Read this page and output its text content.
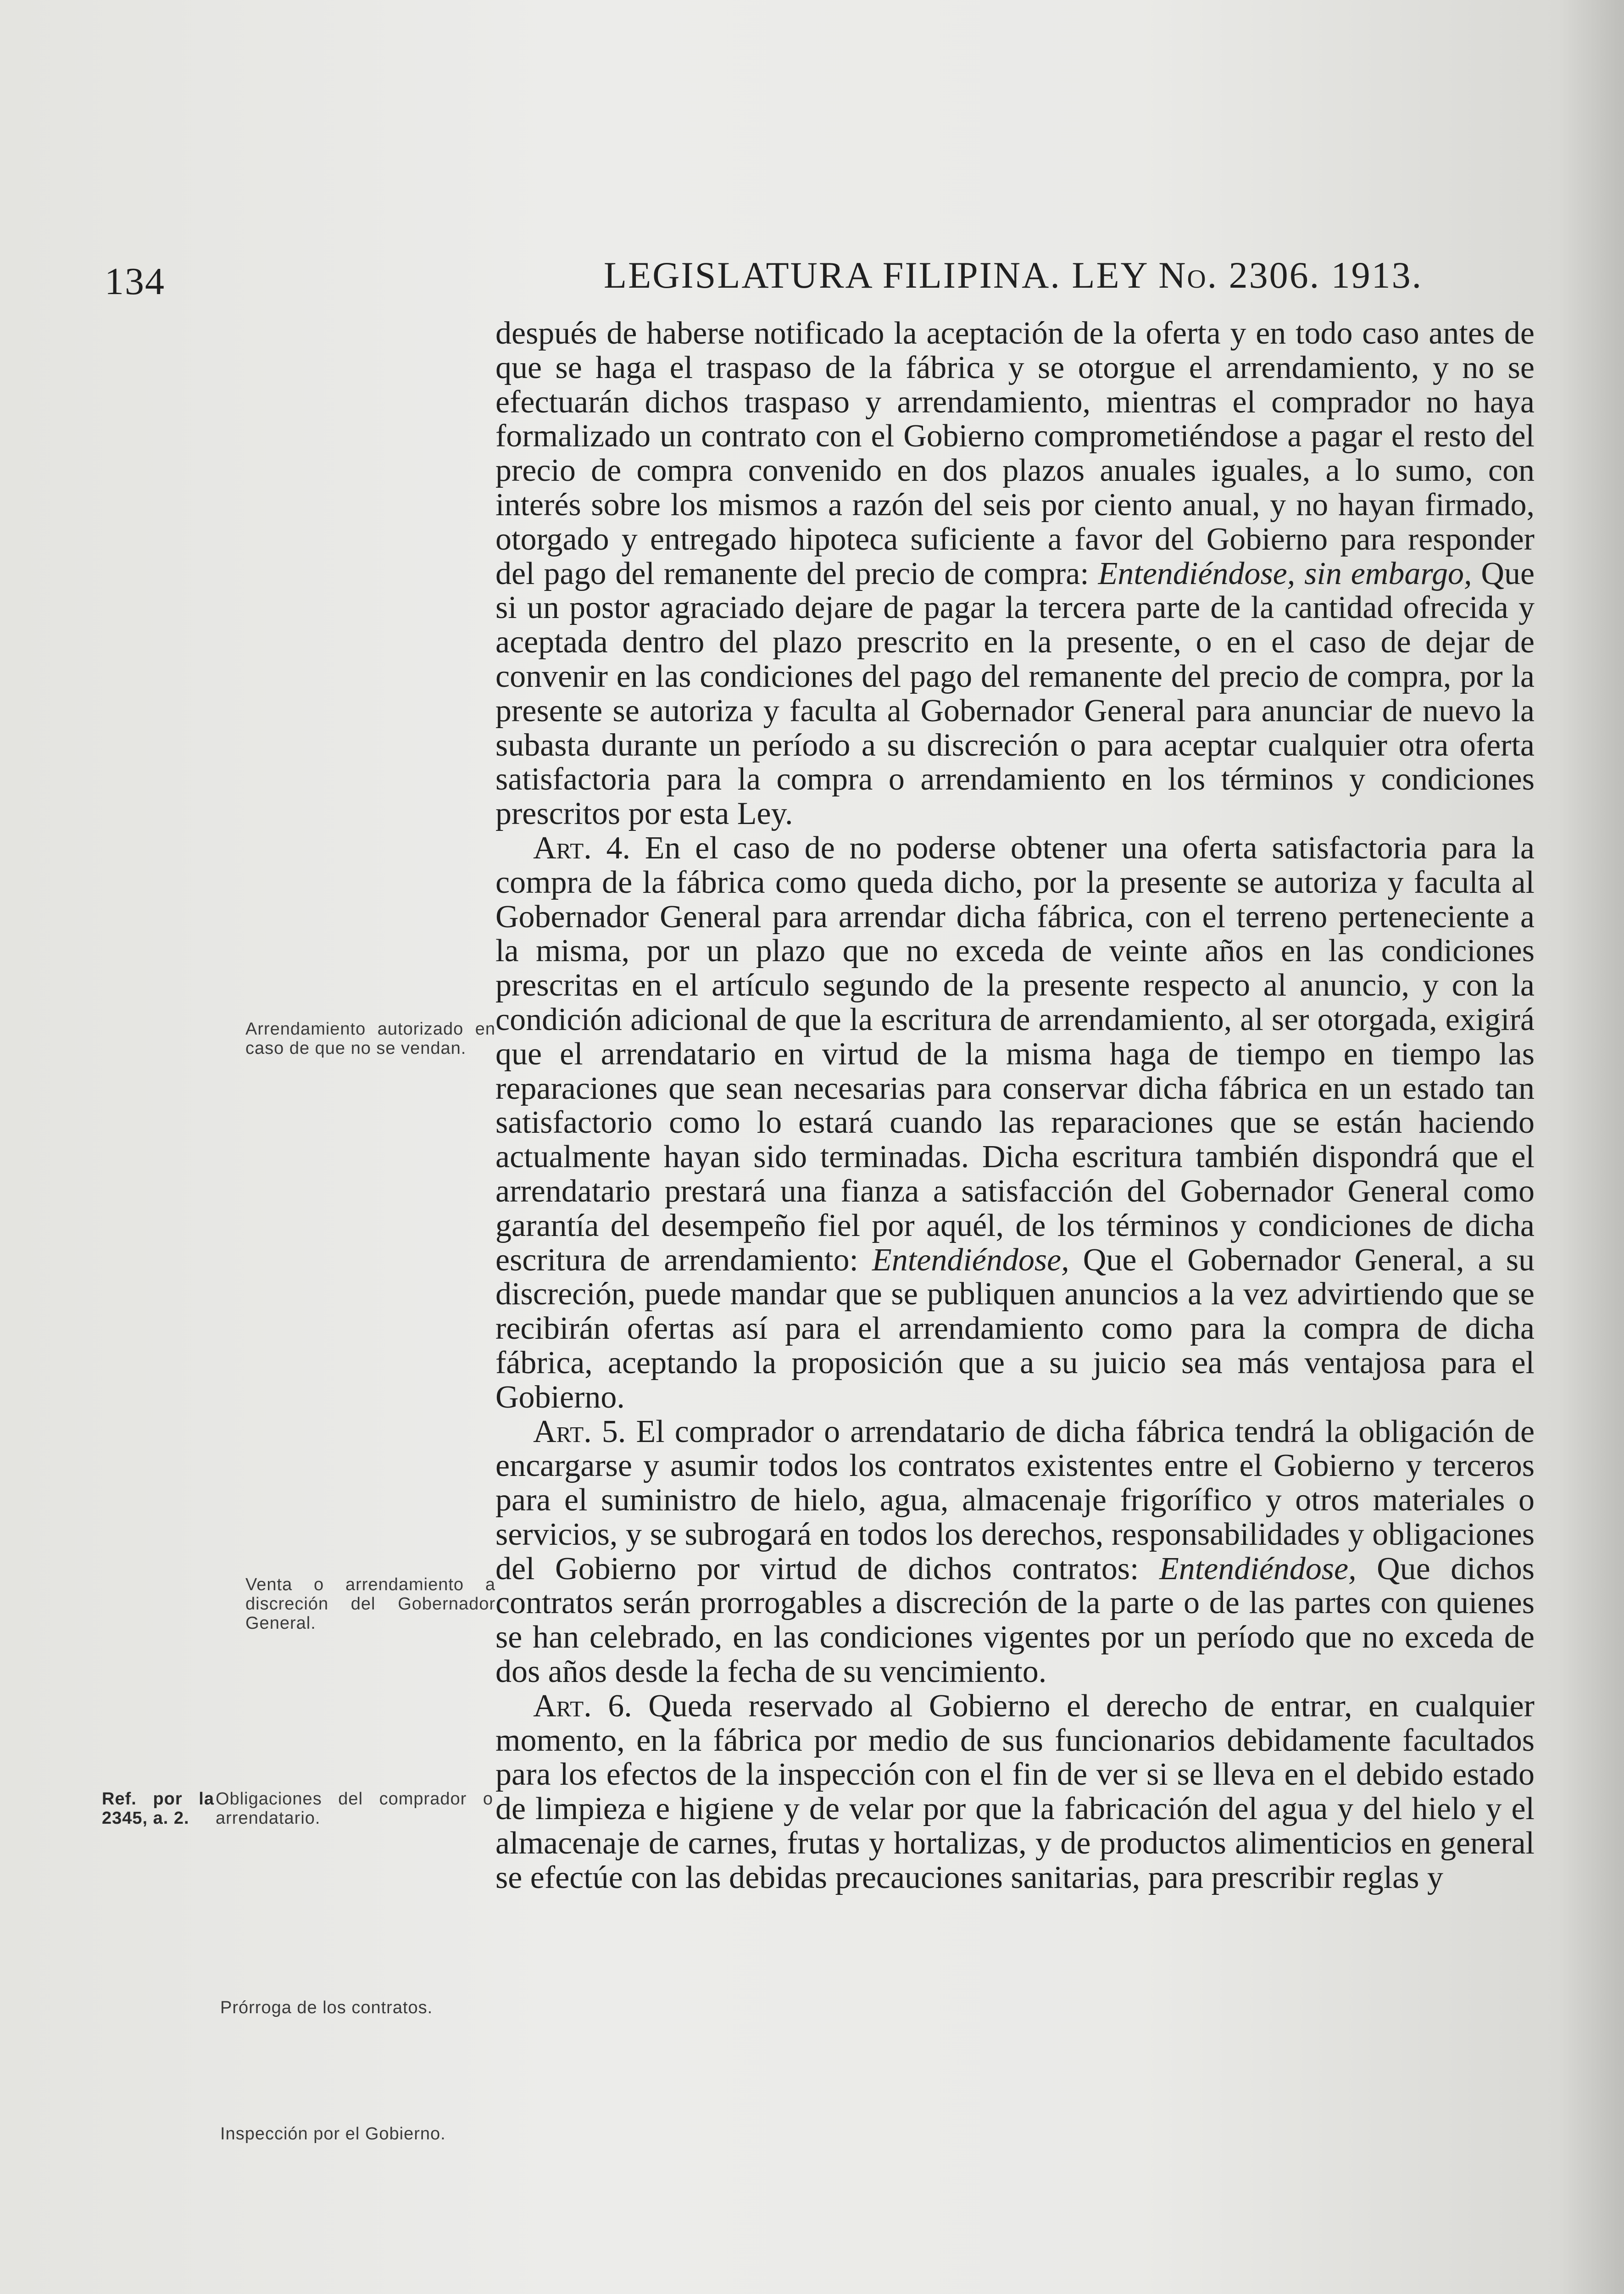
134	LEGISLATURA FILIPINA. LEY No. 2306. 1913.
Arrendamiento autorizado en caso de que no se vendan.
Venta o arrendamiento a discreción del Gobernador General.
Ref. por la 2345, a. 2.
Obligaciones del comprador o arrendatario.
Prórroga de los contratos.
Inspección por el Gobierno.

después de haberse notificado la aceptación de la oferta y en todo caso antes de que se haga el traspaso de la fábrica y se otorgue el arrendamiento, y no se efectuarán dichos traspaso y arrendamiento, mientras el comprador no haya formalizado un contrato con el Gobierno comprometiéndose a pagar el resto del precio de compra convenido en dos plazos anuales iguales, a lo sumo, con interés sobre los mismos a razón del seis por ciento anual, y no hayan firmado, otorgado y entregado hipoteca suficiente a favor del Gobierno para responder del pago del remanente del precio de compra: Entendiéndose, sin embargo, Que si un postor agraciado dejare de pagar la tercera parte de la cantidad ofrecida y aceptada dentro del plazo prescrito en la presente, o en el caso de dejar de convenir en las condiciones del pago del remanente del precio de compra, por la presente se autoriza y faculta al Gobernador General para anunciar de nuevo la subasta durante un período a su discreción o para aceptar cualquier otra oferta satisfactoria para la compra o arrendamiento en los términos y condiciones prescritos por esta Ley.

Art. 4. En el caso de no poderse obtener una oferta satisfactoria para la compra de la fábrica como queda dicho, por la presente se autoriza y faculta al Gobernador General para arrendar dicha fábrica, con el terreno perteneciente a la misma, por un plazo que no exceda de veinte años en las condiciones prescritas en el artículo segundo de la presente respecto al anuncio, y con la condición adicional de que la escritura de arrendamiento, al ser otorgada, exigirá que el arrendatario en virtud de la misma haga de tiempo en tiempo las reparaciones que sean necesarias para conservar dicha fábrica en un estado tan satisfactorio como lo estará cuando las reparaciones que se están haciendo actualmente hayan sido terminadas. Dicha escritura también dispondrá que el arrendatario prestará una fianza a satisfacción del Gobernador General como garantía del desempeño fiel por aquél, de los términos y condiciones de dicha escritura de arrendamiento: Entendiéndose, Que el Gobernador General, a su discreción, puede mandar que se publiquen anuncios a la vez advirtiendo que se recibirán ofertas así para el arrendamiento como para la compra de dicha fábrica, aceptando la proposición que a su juicio sea más ventajosa para el Gobierno.

Art. 5. El comprador o arrendatario de dicha fábrica tendrá la obligación de encargarse y asumir todos los contratos existentes entre el Gobierno y terceros para el suministro de hielo, agua, almacenaje frigorífico y otros materiales o servicios, y se subrogará en todos los derechos, responsabilidades y obligaciones del Gobierno por virtud de dichos contratos: Entendiéndose, Que dichos contratos serán prorrogables a discreción de la parte o de las partes con quienes se han celebrado, en las condiciones vigentes por un período que no exceda de dos años desde la fecha de su vencimiento.

Art. 6. Queda reservado al Gobierno el derecho de entrar, en cualquier momento, en la fábrica por medio de sus funcionarios debidamente facultados para los efectos de la inspección con el fin de ver si se lleva en el debido estado de limpieza e higiene y de velar por que la fabricación del agua y del hielo y el almacenaje de carnes, frutas y hortalizas, y de productos alimenticios en general se efectúe con las debidas precauciones sanitarias, para prescribir reglas y
